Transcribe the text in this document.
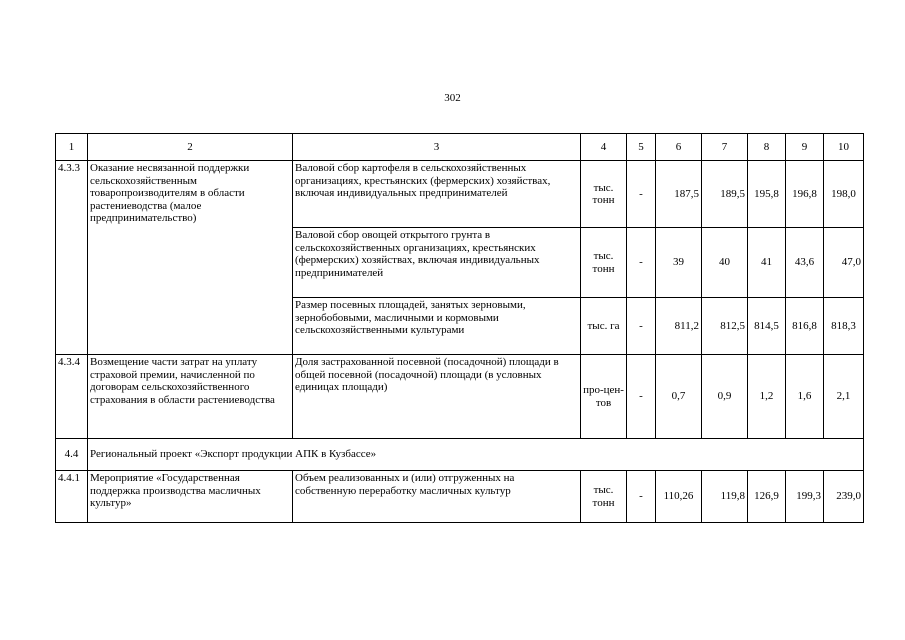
302
1	2	3	4	5	6	7	8	9	10
4.3.3	Оказание несвязанной поддержки сельскохозяйственным товаропроизводителям в области растениеводства (малое предпринимательство)	Валовой сбор картофеля в сельскохозяйственных организациях, крестьянских (фермерских) хозяйствах, включая индивидуальных предпринимателей	тыс. тонн	-	187,5	189,5	195,8	196,8	198,0
		Валовой сбор овощей открытого грунта в сельскохозяйственных организациях, крестьянских (фермерских) хозяйствах, включая индивидуальных предпринимателей	тыс. тонн	-	39	40	41	43,6	47,0
		Размер посевных площадей, занятых зерновыми, зернобобовыми, масличными и кормовыми сельскохозяйственными культурами	тыс. га	-	811,2	812,5	814,5	816,8	818,3
4.3.4	Возмещение части затрат на уплату страховой премии, начисленной по договорам сельскохозяйственного страхования в области растениеводства	Доля застрахованной посевной (посадочной) площади в общей посевной (посадочной) площади (в условных единицах площади)	про-цен-тов	-	0,7	0,9	1,2	1,6	2,1
4.4	Региональный проект «Экспорт продукции АПК в Кузбассе»								
4.4.1	Мероприятие «Государственная поддержка производства масличных культур»	Объем реализованных и (или) отгруженных на собственную переработку масличных культур	тыс. тонн	-	110,26	119,8	126,9	199,3	239,0
